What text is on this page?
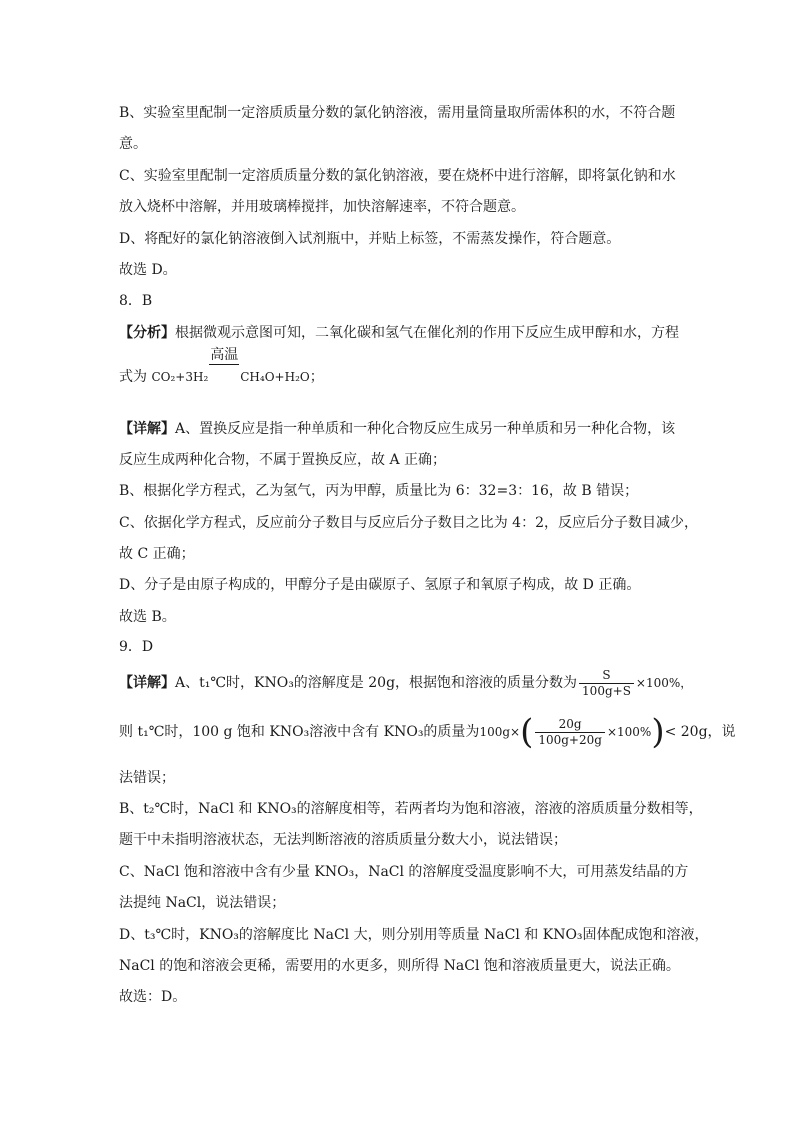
B、实验室里配制一定溶质质量分数的氯化钠溶液，需用量筒量取所需体积的水，不符合题
意。
C、实验室里配制一定溶质质量分数的氯化钠溶液，要在烧杯中进行溶解，即将氯化钠和水
放入烧杯中溶解，并用玻璃棒搅拌，加快溶解速率，不符合题意。
D、将配好的氯化钠溶液倒入试剂瓶中，并贴上标签，不需蒸发操作，符合题意。
故选 D。
8．B
【分析】根据微观示意图可知，二氧化碳和氢气在催化剂的作用下反应生成甲醇和水，方程
式为 CO₂+3H₂
高温
CH₄O+H₂O；
【详解】A、置换反应是指一种单质和一种化合物反应生成另一种单质和另一种化合物，该
反应生成两种化合物，不属于置换反应，故 A 正确；
B、根据化学方程式，乙为氢气，丙为甲醇，质量比为 6：32=3：16，故 B 错误；
C、依据化学方程式，反应前分子数目与反应后分子数目之比为 4：2，反应后分子数目减少，
故 C 正确；
D、分子是由原子构成的，甲醇分子是由碳原子、氢原子和氧原子构成，故 D 正确。
故选 B。
9．D
【详解】A、t₁℃时，KNO₃的溶解度是 20g，根据饱和溶液的质量分数为 $\frac{S}{100g+S} \times 100\%$，
则 t₁℃时，100 g 饱和 KNO₃溶液中含有 KNO₃的质量为$100g\times( \frac{20g}{100g+20g} \times 100\%)< 20g$，说
法错误；
B、t₂℃时，NaCl 和 KNO₃的溶解度相等，若两者均为饱和溶液，溶液的溶质质量分数相等，
题干中未指明溶液状态，无法判断溶液的溶质质量分数大小，说法错误；
C、NaCl 饱和溶液中含有少量 KNO₃，NaCl 的溶解度受温度影响不大，可用蒸发结晶的方
法提纯 NaCl，说法错误；
D、t₃℃时，KNO₃的溶解度比 NaCl 大，则分别用等质量 NaCl 和 KNO₃固体配成饱和溶液，
NaCl 的饱和溶液会更稀，需要用的水更多，则所得 NaCl 饱和溶液质量更大，说法正确。
故选：D。
